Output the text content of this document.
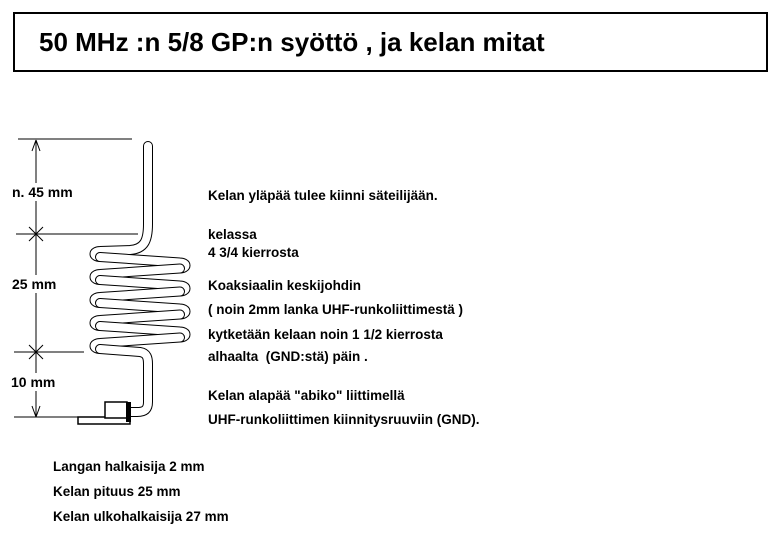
50 MHz :n 5/8 GP:n syöttö , ja kelan mitat
n. 45 mm
25 mm
10 mm
Kelan yläpää tulee kiinni säteilijään.
kelassa
4 3/4 kierrosta
Koaksiaalin keskijohdin
( noin 2mm lanka UHF-runkoliittimestä )
kytketään kelaan noin 1 1/2 kierrosta
alhaalta  (GND:stä) päin .
Kelan alapää "abiko" liittimellä
UHF-runkoliittimen kiinnitysruuviin (GND).
Langan halkaisija 2 mm
Kelan pituus 25 mm
Kelan ulkohalkaisija 27 mm
